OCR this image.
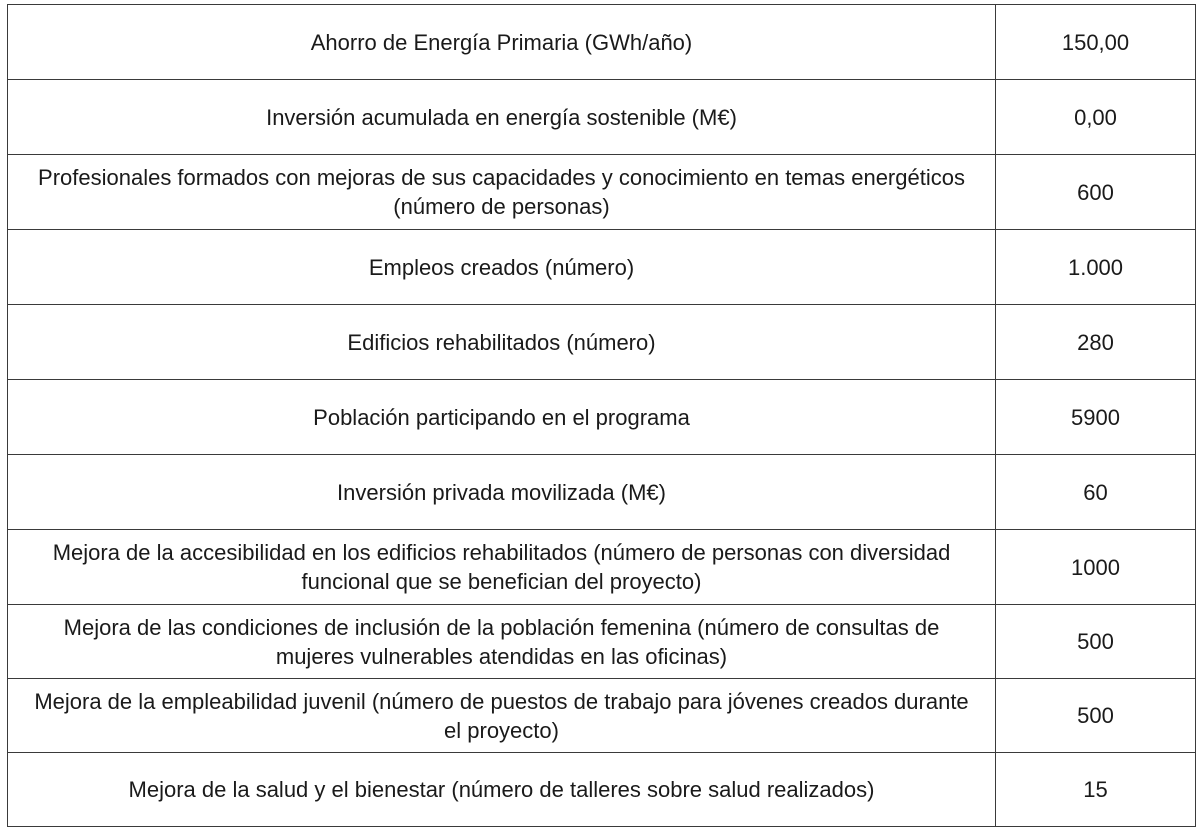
Ahorro de Energía Primaria (GWh/año)	150,00
Inversión acumulada en energía sostenible (M€)	0,00
Profesionales formados con mejoras de sus capacidades y conocimiento en temas energéticos (número de personas)	600
Empleos creados (número)	1.000
Edificios rehabilitados (número)	280
Población participando en el programa	5900
Inversión privada movilizada (M€)	60
Mejora de la accesibilidad en los edificios rehabilitados (número de personas con diversidad funcional que se benefician del proyecto)	1000
Mejora de las condiciones de inclusión de la población femenina (número de consultas de mujeres vulnerables atendidas en las oficinas)	500
Mejora de la empleabilidad juvenil (número de puestos de trabajo para jóvenes creados durante el proyecto)	500
Mejora de la salud y el bienestar (número de talleres sobre salud realizados)	15
